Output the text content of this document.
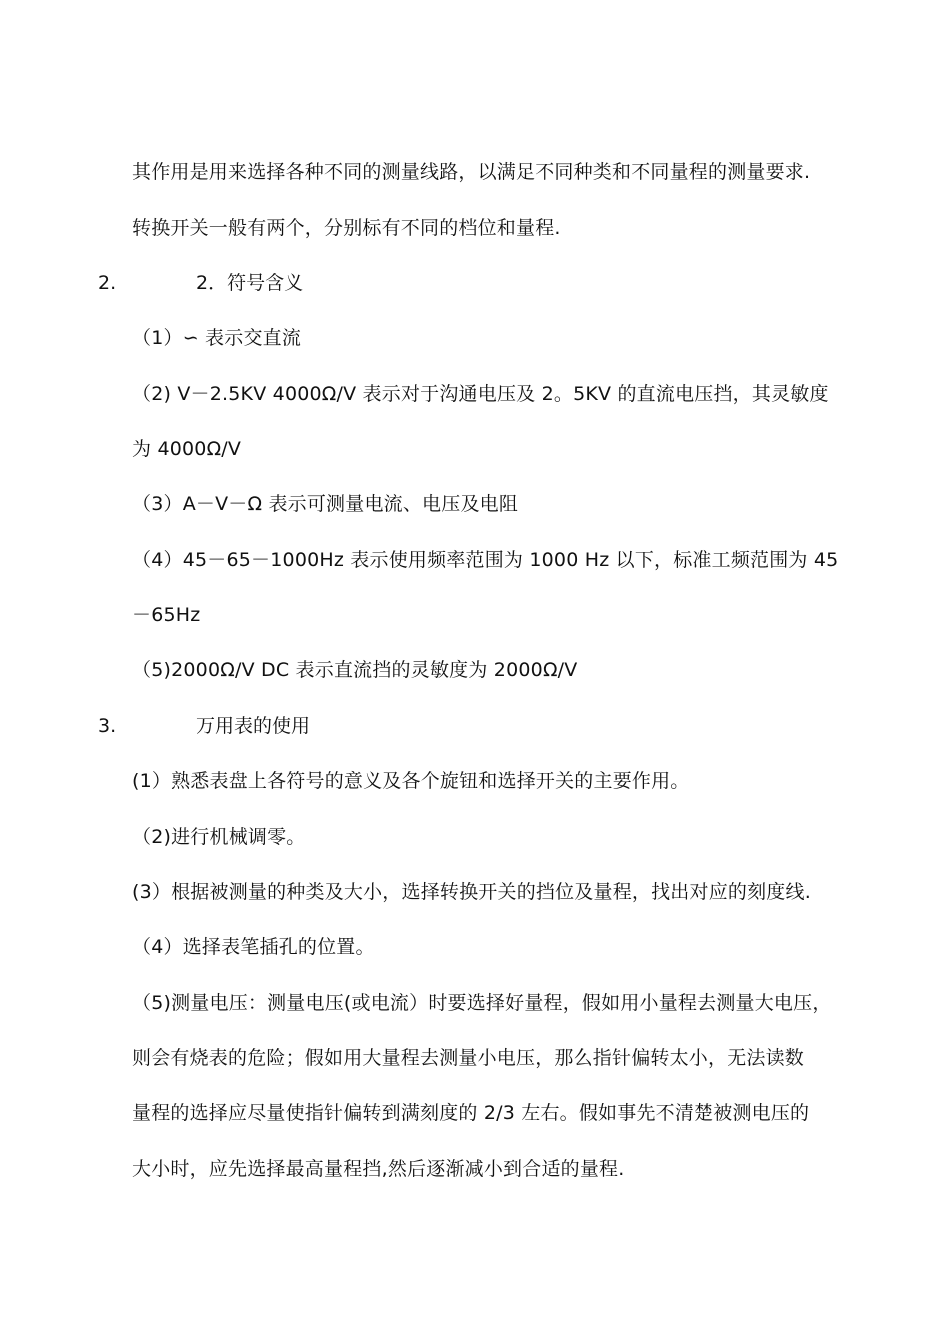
其作用是用来选择各种不同的测量线路，以满足不同种类和不同量程的测量要求.
转换开关一般有两个，分别标有不同的档位和量程.
2.	2．符号含义
（1）∽ 表示交直流
（2) V－2.5KV 4000Ω/V 表示对于沟通电压及 2。5KV 的直流电压挡，其灵敏度
为 4000Ω/V
（3）A－V－Ω 表示可测量电流、电压及电阻
（4）45－65－1000Hz 表示使用频率范围为 1000 Hz 以下，标准工频范围为 45
－65Hz
（5)2000Ω/V DC 表示直流挡的灵敏度为 2000Ω/V
3.	万用表的使用
(1）熟悉表盘上各符号的意义及各个旋钮和选择开关的主要作用。
（2)进行机械调零。
(3）根据被测量的种类及大小，选择转换开关的挡位及量程，找出对应的刻度线.
（4）选择表笔插孔的位置。
（5)测量电压：测量电压(或电流）时要选择好量程，假如用小量程去测量大电压，
则会有烧表的危险；假如用大量程去测量小电压，那么指针偏转太小，无法读数
量程的选择应尽量使指针偏转到满刻度的 2/3 左右。假如事先不清楚被测电压的
大小时，应先选择最高量程挡,然后逐渐减小到合适的量程.
